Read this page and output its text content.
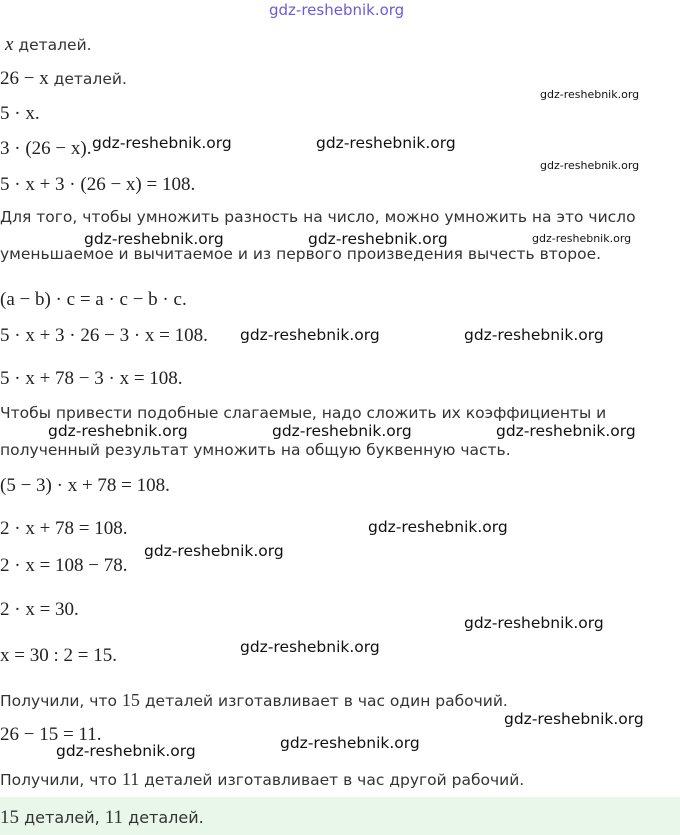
gdz-reshebnik.org
x деталей.
26 − x деталей.
5 · x.
3 · (26 − x).
5 · x + 3 · (26 − x) = 108.
Для того, чтобы умножить разность на число, можно умножить на это число
уменьшаемое и вычитаемое и из первого произведения вычесть второе.
(a − b) · c = a · c − b · c.
5 · x + 3 · 26 − 3 · x = 108.
5 · x + 78 − 3 · x = 108.
Чтобы привести подобные слагаемые, надо сложить их коэффициенты и
полученный результат умножить на общую буквенную часть.
(5 − 3) · x + 78 = 108.
2 · x + 78 = 108.
2 · x = 108 − 78.
2 · x = 30.
x = 30 : 2 = 15.
Получили, что 15 деталей изготавливает в час один рабочий.
26 − 15 = 11.
Получили, что 11 деталей изготавливает в час другой рабочий.
15 деталей, 11 деталей.
gdz-reshebnik.org
gdz-reshebnik.org	gdz-reshebnik.org
gdz-reshebnik.org
gdz-reshebnik.org	gdz-reshebnik.org	gdz-reshebnik.org
gdz-reshebnik.org	gdz-reshebnik.org
gdz-reshebnik.org	gdz-reshebnik.org	gdz-reshebnik.org
gdz-reshebnik.org
gdz-reshebnik.org
gdz-reshebnik.org
gdz-reshebnik.org
gdz-reshebnik.org
gdz-reshebnik.org
gdz-reshebnik.org
